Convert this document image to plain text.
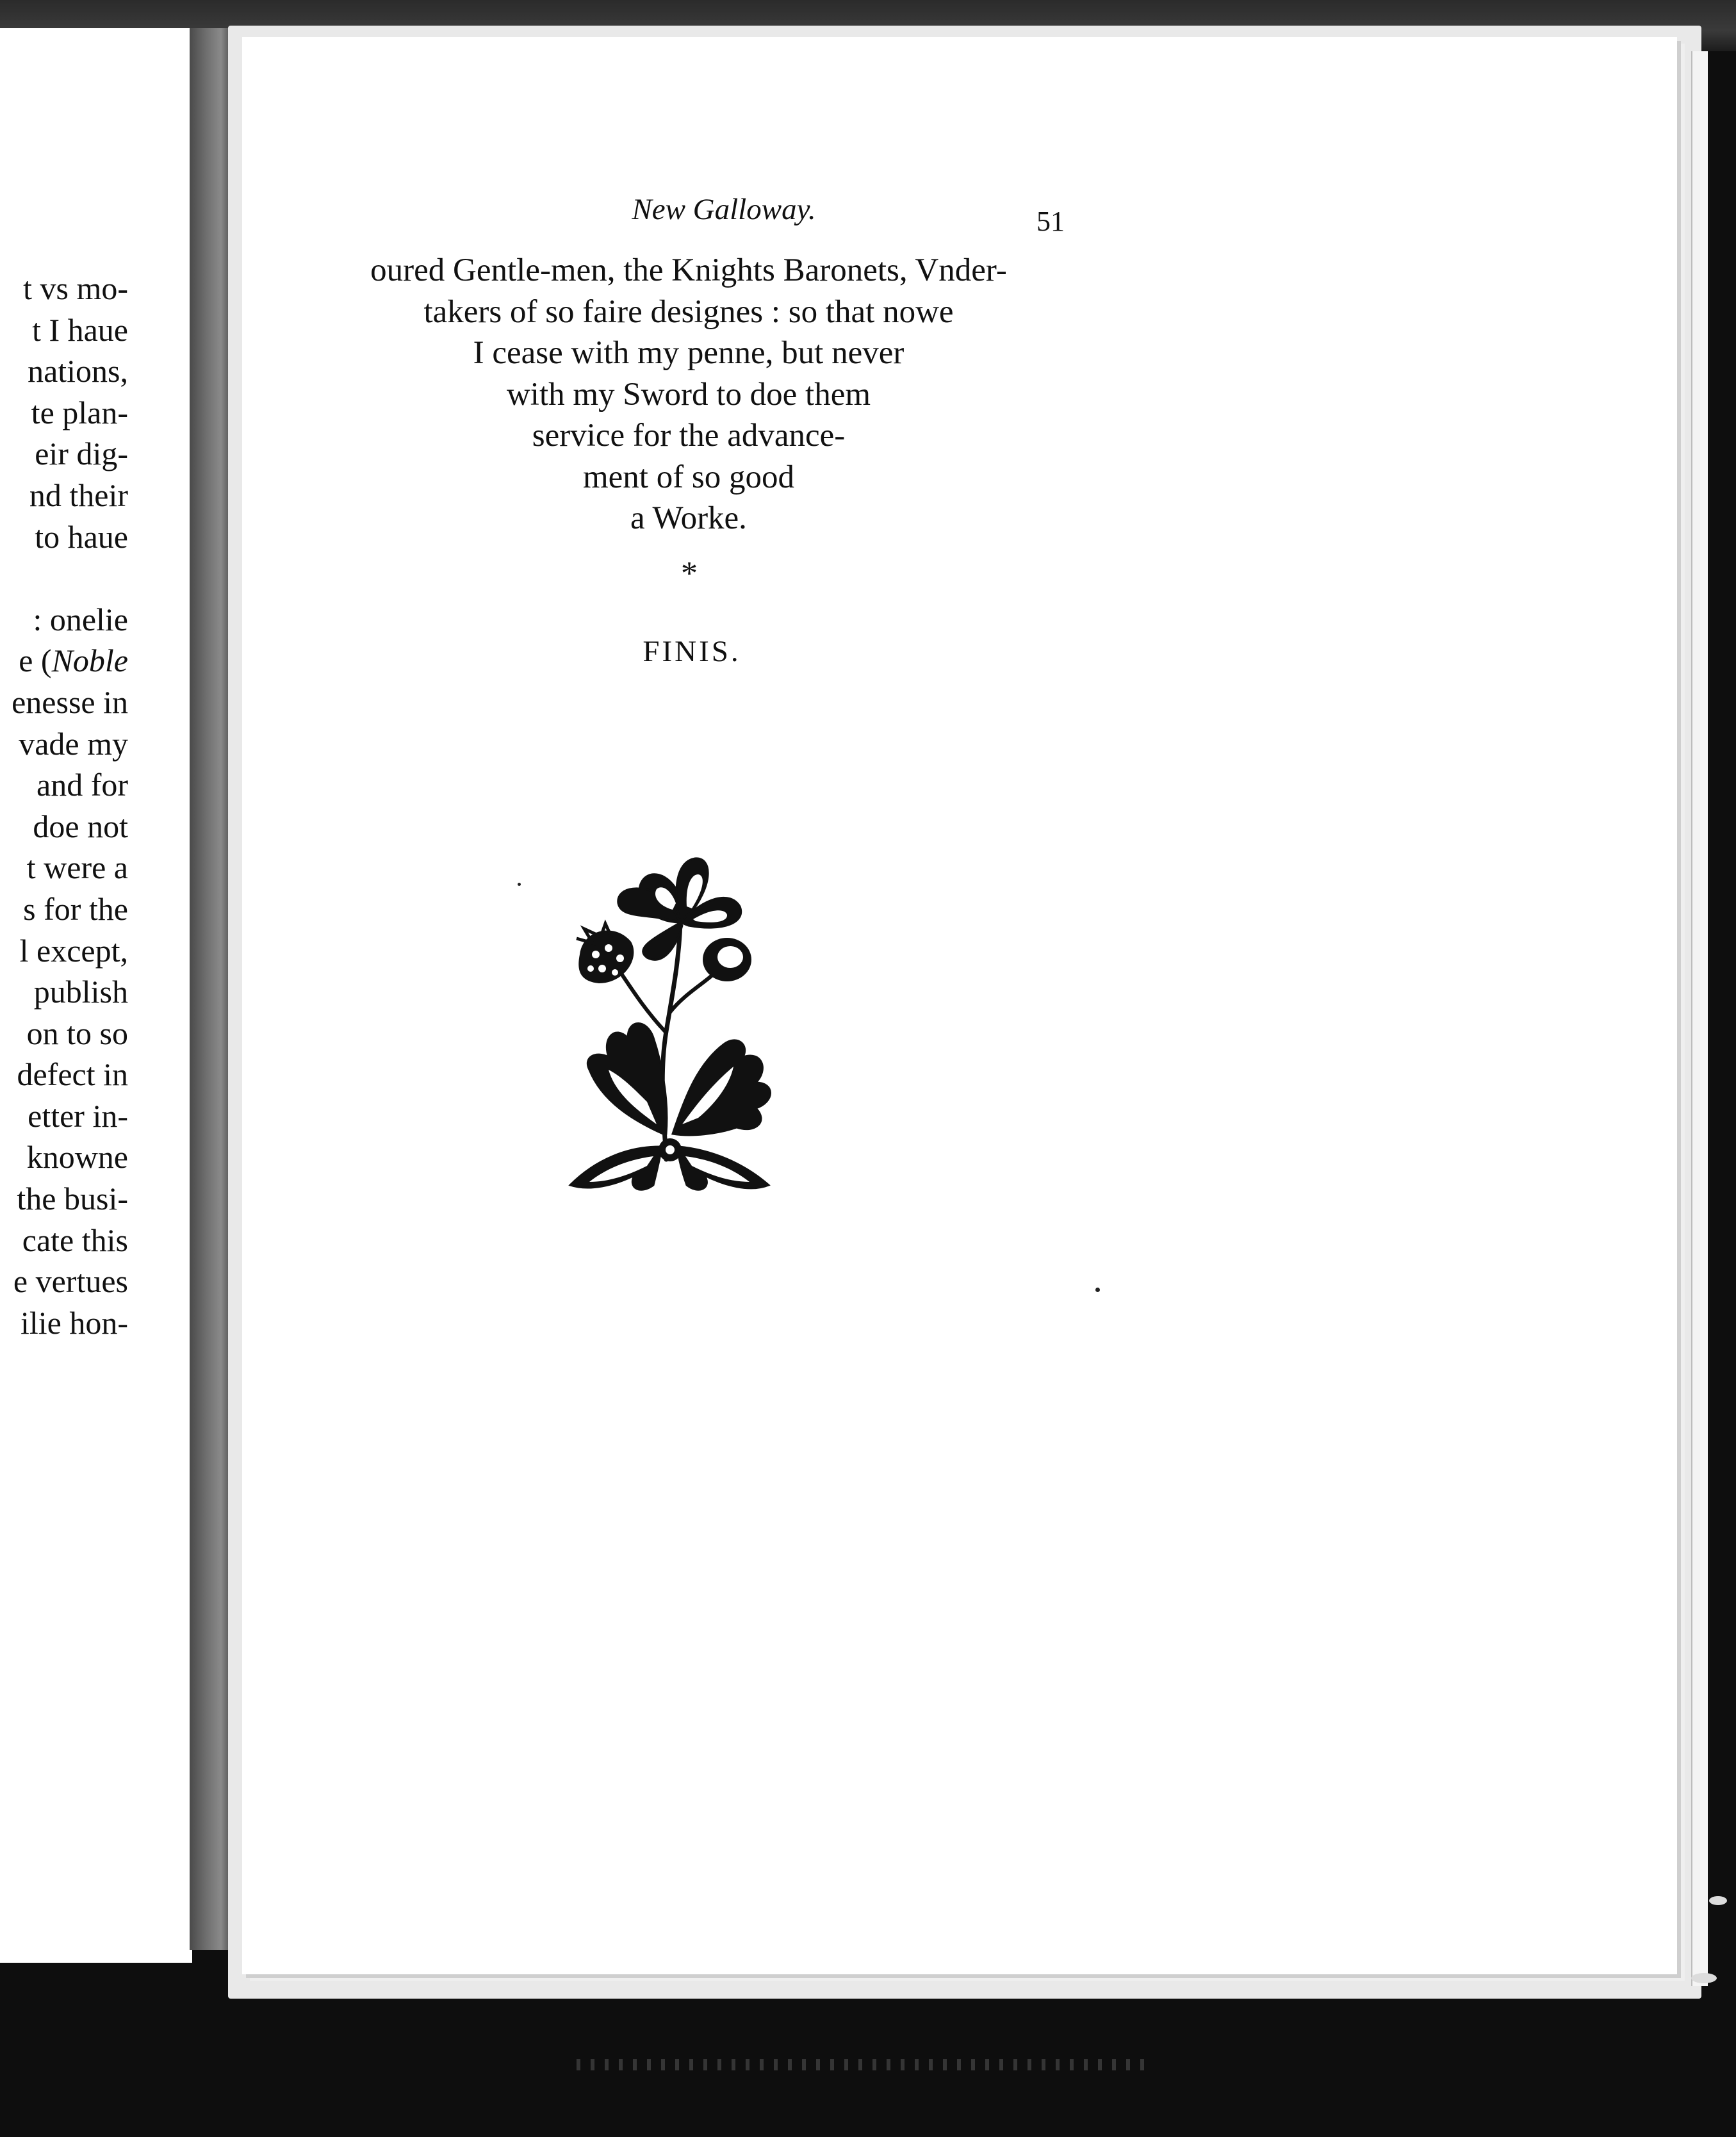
t vs mo-
t I haue
nations,
te plan-
eir dig-
nd their
to haue
: onelie
e (Noble
enesse in
vade my
and for
doe not
t were a
s for the
l except,
publish
on to so
defect in
etter in-
knowne
the busi-
cate this
e vertues
ilie hon-
New Galloway.	51
oured Gentle-men, the Knights Baronets, Vnder-
takers of so faire designes : so that nowe
I cease with my penne, but never
with my Sword to doe them
service for the advance-
ment of so good
a Worke.
*
FINIS.
